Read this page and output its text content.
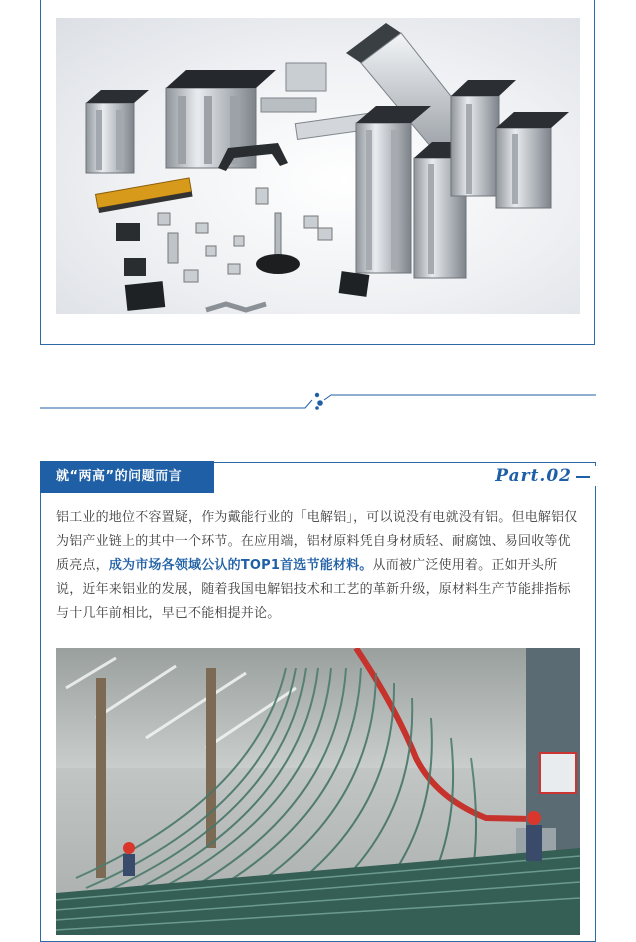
就“两高”的问题而言	Part.02

铝工业的地位不容置疑，作为戴能行业的「电解铝」，可以说没有电就没有铝。但电解铝仅为铝产业链上的其中一个环节。在应用端，铝材原料凭自身材质轻、耐腐蚀、易回收等优质亮点，成为市场各领域公认的TOP1首选节能材料。从而被广泛使用着。正如开头所说，近年来铝业的发展，随着我国电解铝技术和工艺的革新升级，原材料生产节能排指标与十几年前相比，早已不能相提并论。
